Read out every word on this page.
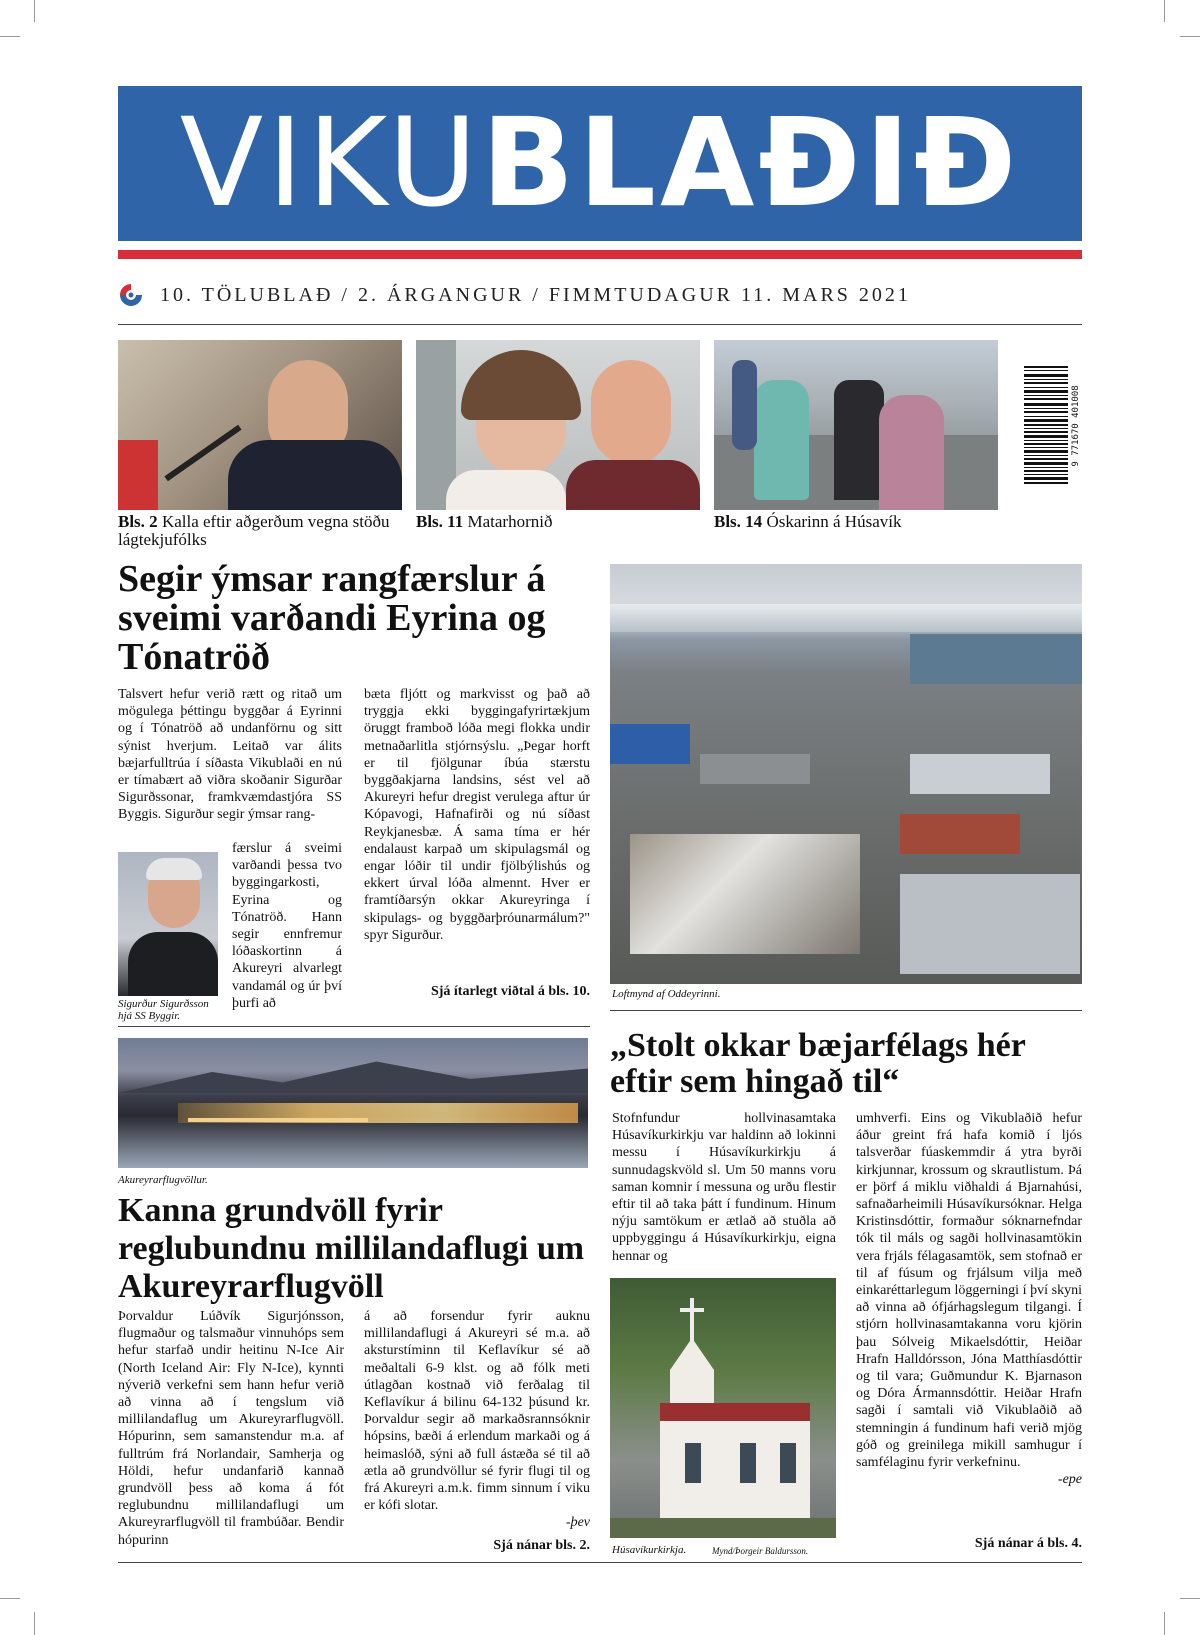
VIKUBLAÐIÐ
10. TÖLUBLAÐ / 2. ÁRGANGUR / FIMMTUDAGUR 11. MARS 2021
Bls. 2 Kalla eftir aðgerðum vegna stöðu lágtekjufólks
Bls. 11 Matarhornið	Bls. 14 Óskarinn á Húsavík
9 771670 401008
Segir ýmsar rangfærslur á sveimi varðandi Eyrina og Tónatröð
Talsvert hefur verið rætt og ritað um mögulega þéttingu byggðar á Eyrinni og í Tónatröð að undanförnu og sitt sýnist hverjum. Leitað var álits bæjarfulltrúa í síðasta Vikublaði en nú er tímabært að viðra skoðanir Sigurðar Sigurðssonar, framkvæmdastjóra SS Byggis. Sigurður segir ýmsar rang-
Sigurður Sigurðsson hjá SS Byggir.
færslur á sveimi varðandi þessa tvo byggingarkosti, Eyrina og Tónatröð. Hann segir ennfremur lóðaskortinn á Akureyri alvarlegt vandamál og úr því þurfi að
bæta fljótt og markvisst og það að tryggja ekki byggingafyrirtækjum öruggt framboð lóða megi flokka undir metnaðarlitla stjórnsýslu. „Þegar horft er til fjölgunar íbúa stærstu byggðakjarna landsins, sést vel að Akureyri hefur dregist verulega aftur úr Kópavogi, Hafnafirði og nú síðast Reykjanesbæ. Á sama tíma er hér endalaust karpað um skipulagsmál og engar lóðir til undir fjölbýlishús og ekkert úrval lóða almennt. Hver er framtíðarsýn okkar Akureyringa í skipulags- og byggðarþróunarmálum?" spyr Sigurður.
Sjá ítarlegt viðtal á bls. 10. Loftmynd af Oddeyrinni.
Akureyrarflugvöllur.
Kanna grundvöll fyrir reglubundnu millilandaflugi um Akureyrarflugvöll
Þorvaldur Lúðvík Sigurjónsson, flugmaður og talsmaður vinnuhóps sem hefur starfað undir heitinu N-Ice Air (North Iceland Air: Fly N-Ice), kynnti nýverið verkefni sem hann hefur verið að vinna að í tengslum við millilandaflug um Akureyrarflugvöll. Hópurinn, sem samanstendur m.a. af fulltrúm frá Norlandair, Samherja og Höldi, hefur undanfarið kannað grundvöll þess að koma á fót reglubundnu millilandaflugi um Akureyrarflugvöll til frambúðar. Bendir hópurinn
á að forsendur fyrir auknu millilandaflugi á Akureyri sé m.a. að aksturstíminn til Keflavíkur sé að meðaltali 6-9 klst. og að fólk meti útlagðan kostnað við ferðalag til Keflavíkur á bilinu 64-132 þúsund kr. Þorvaldur segir að markaðsrannsóknir hópsins, bæði á erlendum markaði og á heimaslóð, sýni að full ástæða sé til að ætla að grundvöllur sé fyrir flugi til og frá Akureyri a.m.k. fimm sinnum í viku er kófi slotar.
-þev
Sjá nánar bls. 2.
„Stolt okkar bæjarfélags hér eftir sem hingað til“
Stofnfundur hollvinasamtaka Húsavíkurkirkju var haldinn að lokinni messu í Húsavíkurkirkju á sunnudagskvöld sl. Um 50 manns voru saman komnir í messuna og urðu flestir eftir til að taka þátt í fundinum. Hinum nýju samtökum er ætlað að stuðla að uppbyggingu á Húsavíkurkirkju, eigna hennar og
Húsavíkurkirkja.	Mynd/Þorgeir Baldursson.
umhverfi. Eins og Vikublaðið hefur áður greint frá hafa komið í ljós talsverðar fúaskemmdir á ytra byrði kirkjunnar, krossum og skrautlistum. Þá er þörf á miklu viðhaldi á Bjarnahúsi, safnaðarheimili Húsavíkursóknar. Helga Kristinsdóttir, formaður sóknarnefndar tók til máls og sagði hollvinasamtökin vera frjáls félagasamtök, sem stofnað er til af fúsum og frjálsum vilja með einkaréttarlegum löggerningi í því skyni að vinna að ófjárhagslegum tilgangi. Í stjórn hollvinasamtakanna voru kjörin þau Sólveig Mikaelsdóttir, Heiðar Hrafn Halldórsson, Jóna Matthíasdóttir og til vara; Guðmundur K. Bjarnason og Dóra Ármannsdóttir. Heiðar Hrafn sagði í samtali við Vikublaðið að stemningin á fundinum hafi verið mjög góð og greinilega mikill samhugur í samfélaginu fyrir verkefninu.
-epe
Sjá nánar á bls. 4.
